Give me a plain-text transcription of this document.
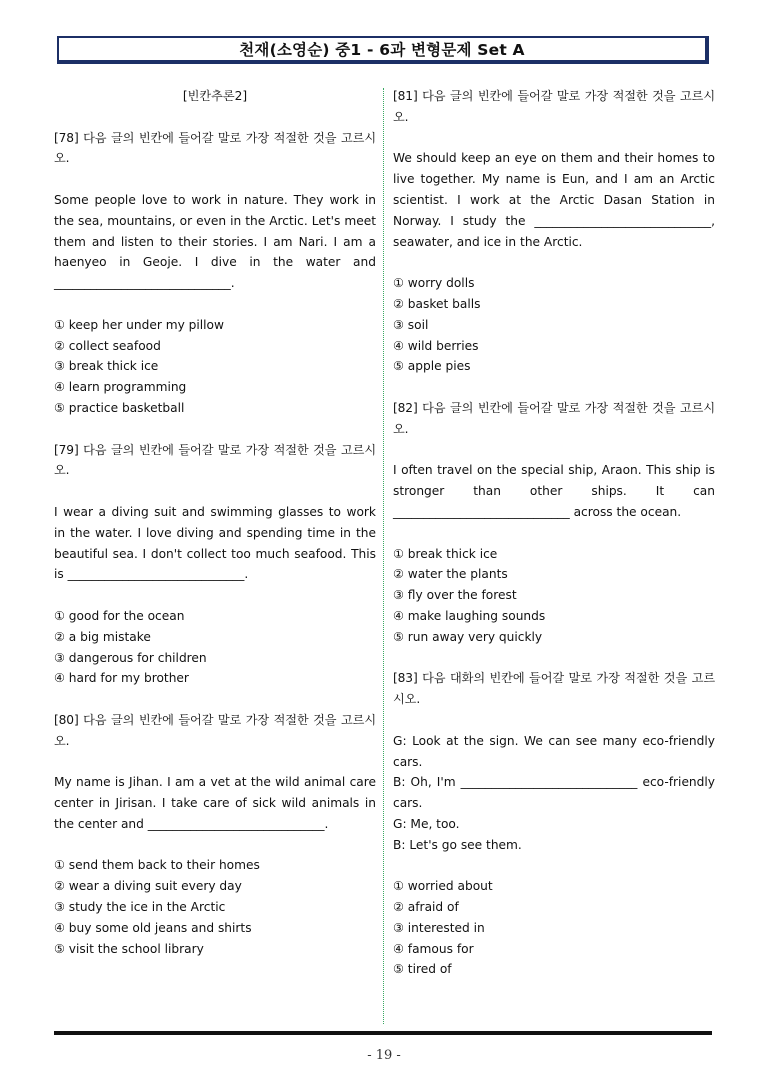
천재(소영순) 중1 - 6과 변형문제 Set A

[빈칸추론2]

[78] 다음 글의 빈칸에 들어갈 말로 가장 적절한 것을 고르시오.

Some people love to work in nature. They work in the sea, mountains, or even in the Arctic. Let's meet them and listen to their stories. I am Nari. I am a haenyeo in Geoje. I dive in the water and _____________________________.

① keep her under my pillow

② collect seafood

③ break thick ice

④ learn programming

⑤ practice basketball

[79] 다음 글의 빈칸에 들어갈 말로 가장 적절한 것을 고르시오.

I wear a diving suit and swimming glasses to work in the water. I love diving and spending time in the beautiful sea. I don't collect too much seafood. This is _____________________________.

① good for the ocean

② a big mistake

③ dangerous for children

④ hard for my brother

[80] 다음 글의 빈칸에 들어갈 말로 가장 적절한 것을 고르시오.

My name is Jihan. I am a vet at the wild animal care center in Jirisan. I take care of sick wild animals in the center and _____________________________.

① send them back to their homes

② wear a diving suit every day

③ study the ice in the Arctic

④ buy some old jeans and shirts

⑤ visit the school library

[81] 다음 글의 빈칸에 들어갈 말로 가장 적절한 것을 고르시오.

We should keep an eye on them and their homes to live together. My name is Eun, and I am an Arctic scientist. I work at the Arctic Dasan Station in Norway. I study the _____________________________, seawater, and ice in the Arctic.

① worry dolls

② basket balls

③ soil

④ wild berries

⑤ apple pies

[82] 다음 글의 빈칸에 들어갈 말로 가장 적절한 것을 고르시오.

I often travel on the special ship, Araon. This ship is stronger than other ships. It can _____________________________ across the ocean.

① break thick ice

② water the plants

③ fly over the forest

④ make laughing sounds

⑤ run away very quickly

[83] 다음 대화의 빈칸에 들어갈 말로 가장 적절한 것을 고르시오.

G: Look at the sign. We can see many eco-friendly cars.

B: Oh, I'm _____________________________ eco-friendly cars.

G: Me, too.

B: Let's go see them.

① worried about

② afraid of

③ interested in

④ famous for

⑤ tired of

- 19 -
